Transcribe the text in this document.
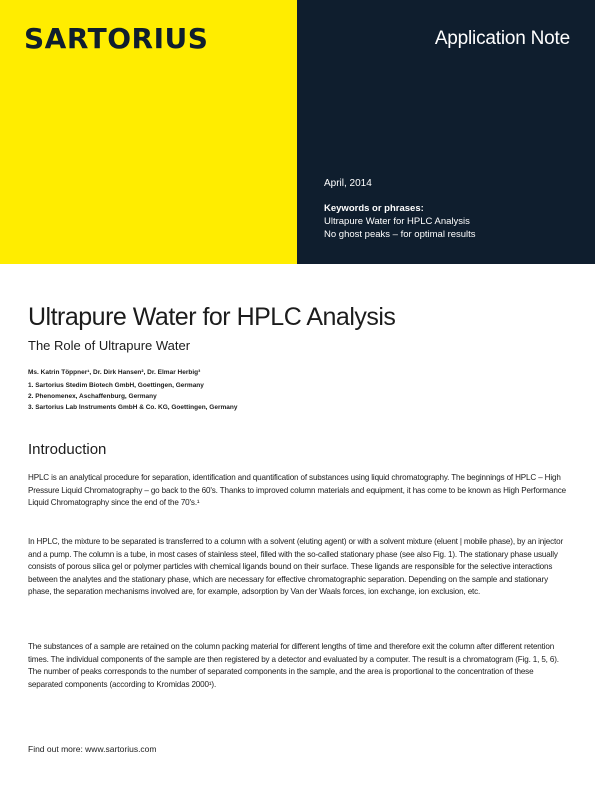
SARTORIUS	Application Note
April, 2014
Keywords or phrases:
Ultrapure Water for HPLC Analysis
No ghost peaks – for optimal results
Ultrapure Water for HPLC Analysis
The Role of Ultrapure Water
Ms. Katrin Töppner¹, Dr. Dirk Hansen², Dr. Elmar Herbig³
1. Sartorius Stedim Biotech GmbH, Goettingen, Germany
2. Phenomenex, Aschaffenburg, Germany
3. Sartorius Lab Instruments GmbH & Co. KG, Goettingen, Germany
Introduction

HPLC is an analytical procedure for separation, identification and quantification of substances using liquid chromatography. The beginnings of HPLC – High Pressure Liquid Chromatography – go back to the 60's. Thanks to improved column materials and equipment, it has come to be known as High Performance Liquid Chromatography since the end of the 70's.¹

In HPLC, the mixture to be separated is transferred to a column with a solvent (eluting agent) or with a solvent mixture (eluent | mobile phase), by an injector and a pump. The column is a tube, in most cases of stainless steel, filled with the so-called stationary phase (see also Fig. 1). The stationary phase usually consists of porous silica gel or polymer particles with chemical ligands bound on their surface. These ligands are responsible for the selective interactions between the analytes and the stationary phase, which are necessary for effective chromatographic separation. Depending on the sample and stationary phase, the separation mechanisms involved are, for example, adsorption by Van der Waals forces, ion exchange, ion exclusion, etc.

The substances of a sample are retained on the column packing material for different lengths of time and therefore exit the column after different retention times. The individual components of the sample are then registered by a detector and evaluated by a computer. The result is a chromatogram (Fig. 1, 5, 6). The number of peaks corresponds to the number of separated components in the sample, and the area is proportional to the concentration of these separated components (according to Kromidas 2000¹).

Find out more: www.sartorius.com
